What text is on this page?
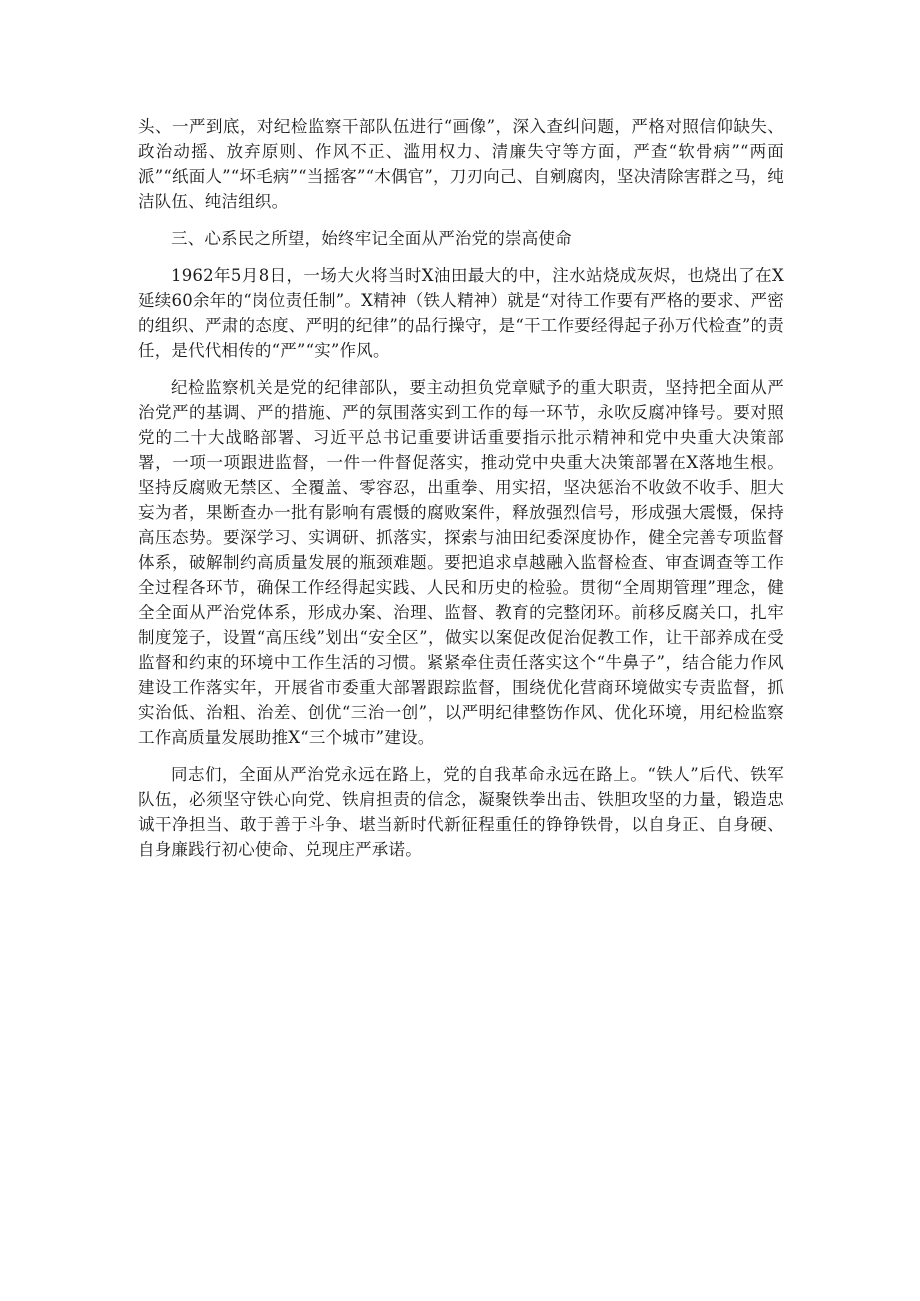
头、一严到底，对纪检监察干部队伍进行“画像”，深入查纠问题，严格对照信仰缺失、政治动摇、放弃原则、作风不正、滥用权力、清廉失守等方面，严查“软骨病”“两面派”“纸面人”“坏毛病”“当摇客”“木偶官”，刀刃向己、自剜腐肉，坚决清除害群之马，纯洁队伍、纯洁组织。

三、心系民之所望，始终牢记全面从严治党的崇高使命

1962年5月8日，一场大火将当时X油田最大的中，注水站烧成灰烬，也烧出了在X延续60余年的“岗位责任制”。X精神（铁人精神）就是“对待工作要有严格的要求、严密的组织、严肃的态度、严明的纪律”的品行操守，是“干工作要经得起子孙万代检查”的责任，是代代相传的“严”“实”作风。

纪检监察机关是党的纪律部队，要主动担负党章赋予的重大职责，坚持把全面从严治党严的基调、严的措施、严的氛围落实到工作的每一环节，永吹反腐冲锋号。要对照党的二十大战略部署、习近平总书记重要讲话重要指示批示精神和党中央重大决策部署，一项一项跟进监督，一件一件督促落实，推动党中央重大决策部署在X落地生根。坚持反腐败无禁区、全覆盖、零容忍，出重拳、用实招，坚决惩治不收敛不收手、胆大妄为者，果断查办一批有影响有震慑的腐败案件，释放强烈信号，形成强大震慑，保持高压态势。要深学习、实调研、抓落实，探索与油田纪委深度协作，健全完善专项监督体系，破解制约高质量发展的瓶颈难题。要把追求卓越融入监督检查、审查调查等工作全过程各环节，确保工作经得起实践、人民和历史的检验。贯彻“全周期管理”理念，健全全面从严治党体系，形成办案、治理、监督、教育的完整闭环。前移反腐关口，扎牢制度笼子，设置“高压线”划出“安全区”，做实以案促改促治促教工作，让干部养成在受监督和约束的环境中工作生活的习惯。紧紧牵住责任落实这个“牛鼻子”，结合能力作风建设工作落实年，开展省市委重大部署跟踪监督，围绕优化营商环境做实专责监督，抓实治低、治粗、治差、创优“三治一创”，以严明纪律整饬作风、优化环境，用纪检监察工作高质量发展助推X“三个城市”建设。

同志们，全面从严治党永远在路上，党的自我革命永远在路上。“铁人”后代、铁军队伍，必须坚守铁心向党、铁肩担责的信念，凝聚铁拳出击、铁胆攻坚的力量，锻造忠诚干净担当、敢于善于斗争、堪当新时代新征程重任的铮铮铁骨，以自身正、自身硬、自身廉践行初心使命、兑现庄严承诺。
